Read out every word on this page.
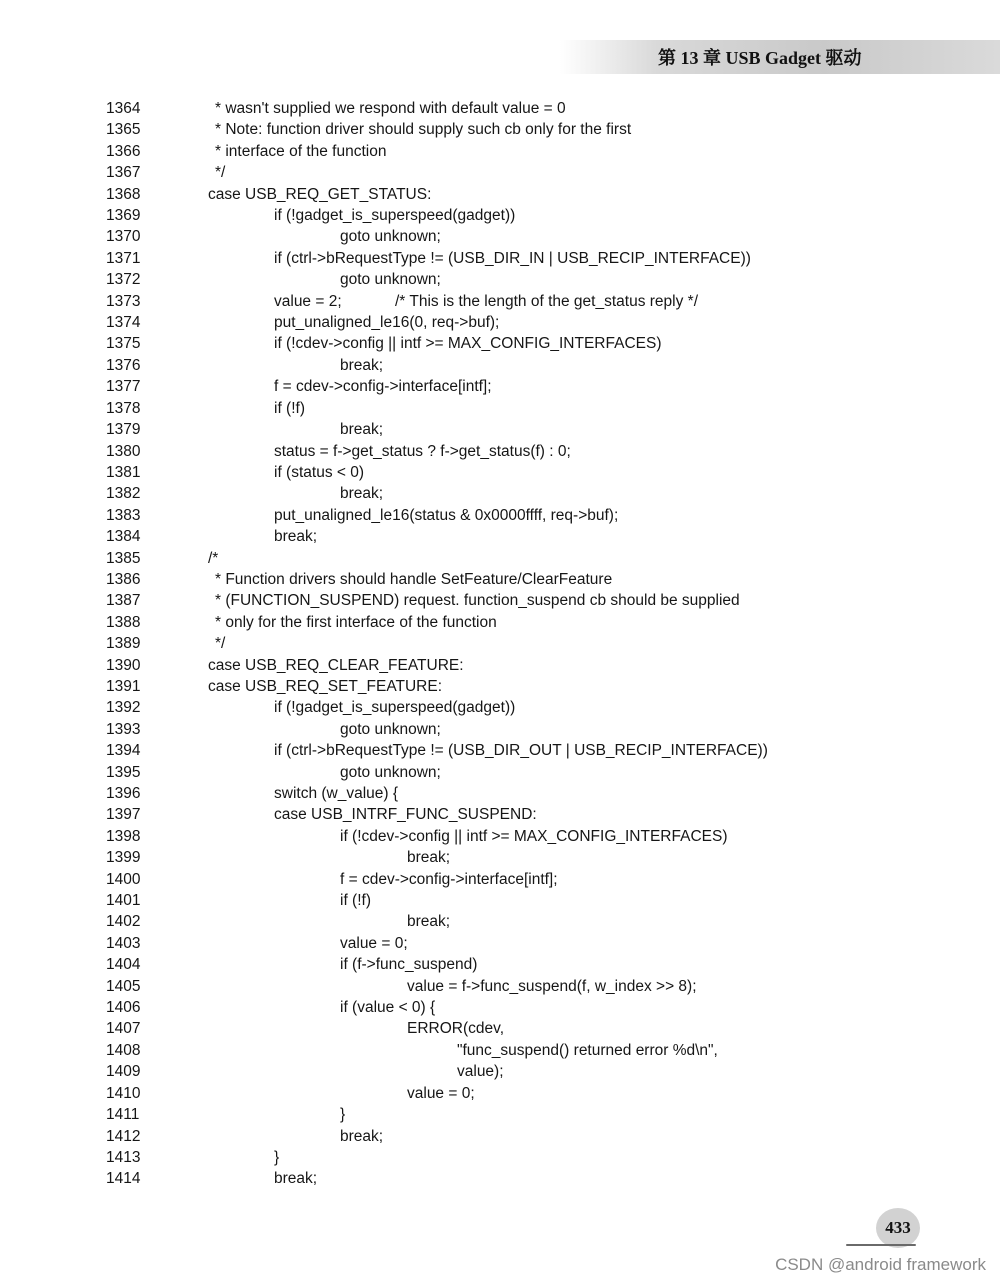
第 13 章 USB Gadget 驱动
1364	* wasn't supplied we respond with default value = 0
1365	* Note: function driver should supply such cb only for the first
1366	* interface of the function
1367	*/
1368	case USB_REQ_GET_STATUS:
1369	if (!gadget_is_superspeed(gadget))
1370	goto unknown;
1371	if (ctrl->bRequestType != (USB_DIR_IN | USB_RECIP_INTERFACE))
1372	goto unknown;
1373	value = 2;	/* This is the length of the get_status reply */
1374	put_unaligned_le16(0, req->buf);
1375	if (!cdev->config || intf >= MAX_CONFIG_INTERFACES)
1376	break;
1377	f = cdev->config->interface[intf];
1378	if (!f)
1379	break;
1380	status = f->get_status ? f->get_status(f) : 0;
1381	if (status < 0)
1382	break;
1383	put_unaligned_le16(status & 0x0000ffff, req->buf);
1384	break;
1385	/*
1386	* Function drivers should handle SetFeature/ClearFeature
1387	* (FUNCTION_SUSPEND) request. function_suspend cb should be supplied
1388	* only for the first interface of the function
1389	*/
1390	case USB_REQ_CLEAR_FEATURE:
1391	case USB_REQ_SET_FEATURE:
1392	if (!gadget_is_superspeed(gadget))
1393	goto unknown;
1394	if (ctrl->bRequestType != (USB_DIR_OUT | USB_RECIP_INTERFACE))
1395	goto unknown;
1396	switch (w_value) {
1397	case USB_INTRF_FUNC_SUSPEND:
1398	if (!cdev->config || intf >= MAX_CONFIG_INTERFACES)
1399	break;
1400	f = cdev->config->interface[intf];
1401	if (!f)
1402	break;
1403	value = 0;
1404	if (f->func_suspend)
1405	value = f->func_suspend(f, w_index >> 8);
1406	if (value < 0) {
1407	ERROR(cdev,
1408	"func_suspend() returned error %d\n",
1409	value);
1410	value = 0;
1411	}
1412	break;
1413	}
1414	break;
433
CSDN @android framework
